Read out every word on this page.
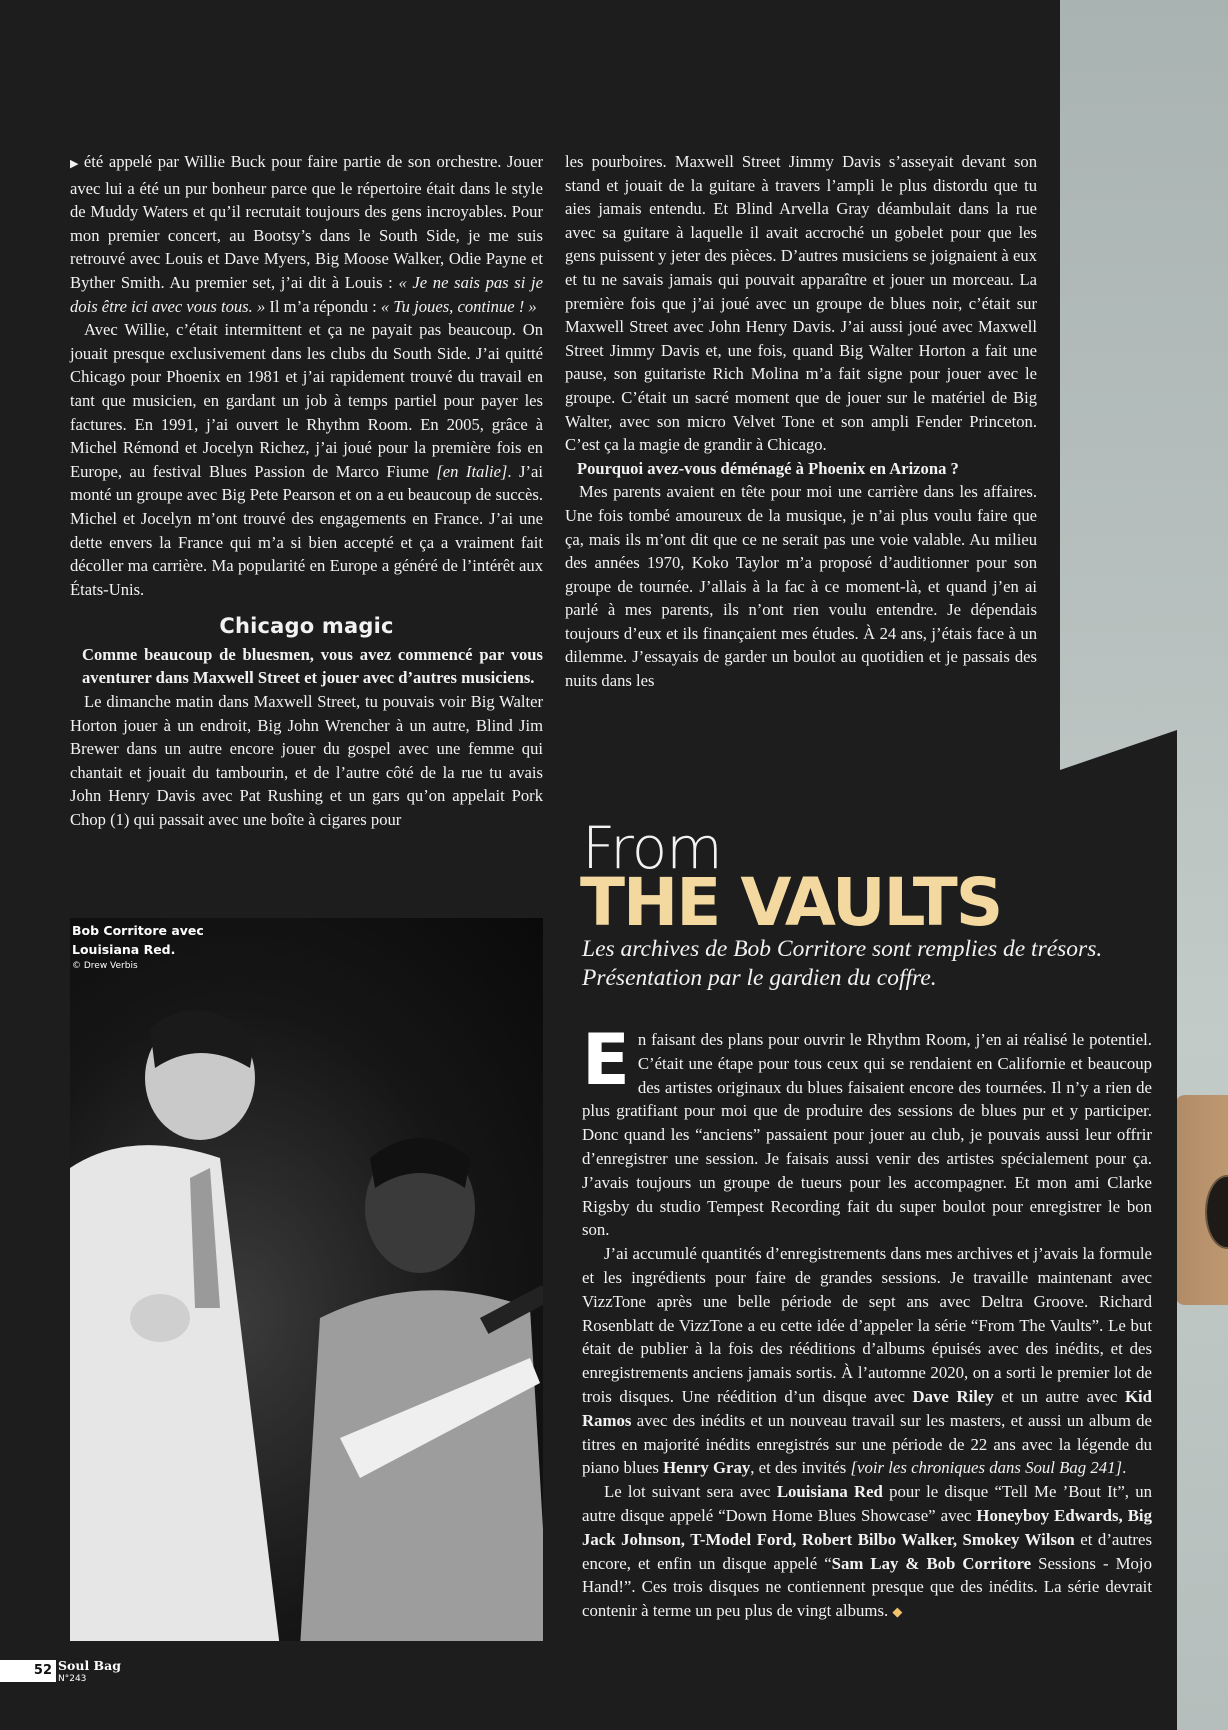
▶ été appelé par Willie Buck pour faire partie de son orchestre. Jouer avec lui a été un pur bonheur parce que le répertoire était dans le style de Muddy Waters et qu’il recrutait toujours des gens incroyables. Pour mon premier concert, au Bootsy’s dans le South Side, je me suis retrouvé avec Louis et Dave Myers, Big Moose Walker, Odie Payne et Byther Smith. Au premier set, j’ai dit à Louis : « Je ne sais pas si je dois être ici avec vous tous. » Il m’a répondu : « Tu joues, continue ! »

Avec Willie, c’était intermittent et ça ne payait pas beaucoup. On jouait presque exclusivement dans les clubs du South Side. J’ai quitté Chicago pour Phoenix en 1981 et j’ai rapidement trouvé du travail en tant que musicien, en gardant un job à temps partiel pour payer les factures. En 1991, j’ai ouvert le Rhythm Room. En 2005, grâce à Michel Rémond et Jocelyn Richez, j’ai joué pour la première fois en Europe, au festival Blues Passion de Marco Fiume [en Italie]. J’ai monté un groupe avec Big Pete Pearson et on a eu beaucoup de succès. Michel et Jocelyn m’ont trouvé des engagements en France. J’ai une dette envers la France qui m’a si bien accepté et ça a vraiment fait décoller ma carrière. Ma popularité en Europe a généré de l’intérêt aux États-Unis.

Chicago magic

Comme beaucoup de bluesmen, vous avez commencé par vous aventurer dans Maxwell Street et jouer avec d’autres musiciens.

Le dimanche matin dans Maxwell Street, tu pouvais voir Big Walter Horton jouer à un endroit, Big John Wrencher à un autre, Blind Jim Brewer dans un autre encore jouer du gospel avec une femme qui chantait et jouait du tambourin, et de l’autre côté de la rue tu avais John Henry Davis avec Pat Rushing et un gars qu’on appelait Pork Chop (1) qui passait avec une boîte à cigares pour

les pourboires. Maxwell Street Jimmy Davis s’asseyait devant son stand et jouait de la guitare à travers l’ampli le plus distordu que tu aies jamais entendu. Et Blind Arvella Gray déambulait dans la rue avec sa guitare à laquelle il avait accroché un gobelet pour que les gens puissent y jeter des pièces. D’autres musiciens se joignaient à eux et tu ne savais jamais qui pouvait apparaître et jouer un morceau. La première fois que j’ai joué avec un groupe de blues noir, c’était sur Maxwell Street avec John Henry Davis. J’ai aussi joué avec Maxwell Street Jimmy Davis et, une fois, quand Big Walter Horton a fait une pause, son guitariste Rich Molina m’a fait signe pour jouer avec le groupe. C’était un sacré moment que de jouer sur le matériel de Big Walter, avec son micro Velvet Tone et son ampli Fender Princeton. C’est ça la magie de grandir à Chicago.

Pourquoi avez-vous déménagé à Phoenix en Arizona ?

Mes parents avaient en tête pour moi une carrière dans les affaires. Une fois tombé amoureux de la musique, je n’ai plus voulu faire que ça, mais ils m’ont dit que ce ne serait pas une voie valable. Au milieu des années 1970, Koko Taylor m’a proposé d’auditionner pour son groupe de tournée. J’allais à la fac à ce moment-là, et quand j’en ai parlé à mes parents, ils n’ont rien voulu entendre. Je dépendais toujours d’eux et ils finançaient mes études. À 24 ans, j’étais face à un dilemme. J’essayais de garder un boulot au quotidien et je passais des nuits dans les

Bob Corritore avec
Louisiana Red.
© Drew Verbis
From
THE VAULTS
Les archives de Bob Corritore sont remplies de trésors.
Présentation par le gardien du coffre.

En faisant des plans pour ouvrir le Rhythm Room, j’en ai réalisé le potentiel. C’était une étape pour tous ceux qui se rendaient en Californie et beaucoup des artistes originaux du blues faisaient encore des tournées. Il n’y a rien de plus gratifiant pour moi que de produire des sessions de blues pur et y participer. Donc quand les “anciens” passaient pour jouer au club, je pouvais aussi leur offrir d’enregistrer une session. Je faisais aussi venir des artistes spécialement pour ça. J’avais toujours un groupe de tueurs pour les accompagner. Et mon ami Clarke Rigsby du studio Tempest Recording fait du super boulot pour enregistrer le bon son.

J’ai accumulé quantités d’enregistrements dans mes archives et j’avais la formule et les ingrédients pour faire de grandes sessions. Je travaille maintenant avec VizzTone après une belle période de sept ans avec Deltra Groove. Richard Rosenblatt de VizzTone a eu cette idée d’appeler la série “From The Vaults”. Le but était de publier à la fois des rééditions d’albums épuisés avec des inédits, et des enregistrements anciens jamais sortis. À l’automne 2020, on a sorti le premier lot de trois disques. Une réédition d’un disque avec Dave Riley et un autre avec Kid Ramos avec des inédits et un nouveau travail sur les masters, et aussi un album de titres en majorité inédits enregistrés sur une période de 22 ans avec la légende du piano blues Henry Gray, et des invités [voir les chroniques dans Soul Bag 241].

Le lot suivant sera avec Louisiana Red pour le disque “Tell Me ’Bout It”, un autre disque appelé “Down Home Blues Showcase” avec Honeyboy Edwards, Big Jack Johnson, T-Model Ford, Robert Bilbo Walker, Smokey Wilson et d’autres encore, et enfin un disque appelé “Sam Lay & Bob Corritore Sessions - Mojo Hand!”. Ces trois disques ne contiennent presque que des inédits. La série devrait contenir à terme un peu plus de vingt albums. ◆

52 Soul Bag
N°243
